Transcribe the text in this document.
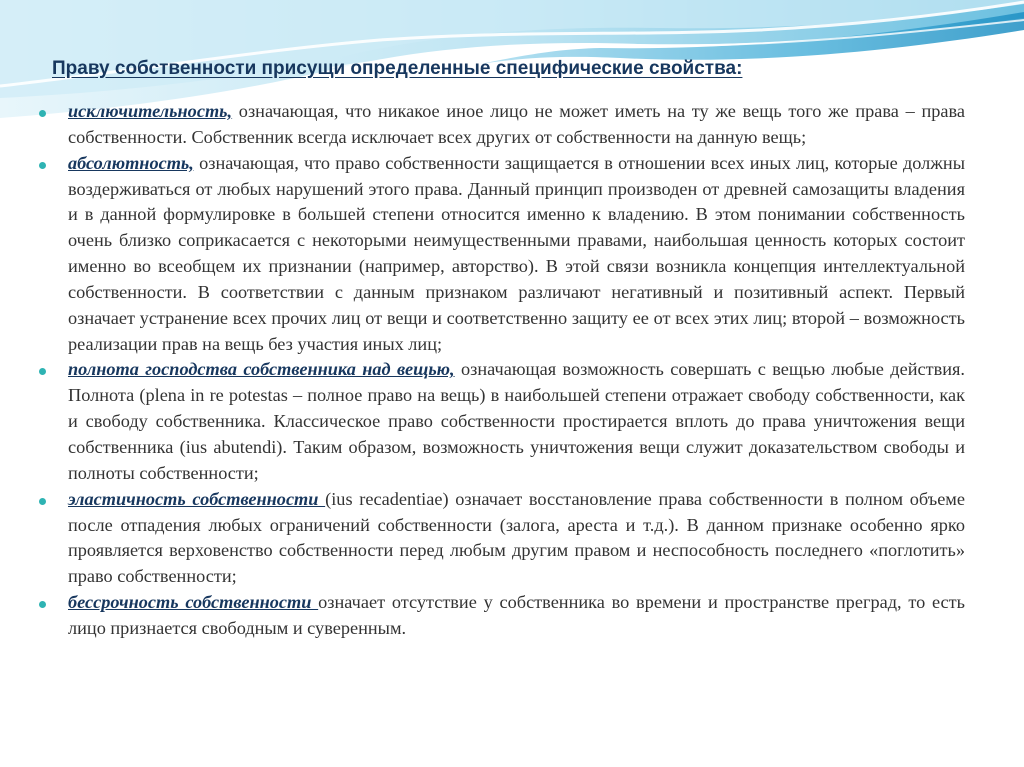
Праву собственности присущи определенные специфические свойства:
исключительность, означающая, что никакое иное лицо не может иметь на ту же вещь того же права – права собственности. Собственник всегда исключает всех других от собственности на данную вещь;
абсолютность, означающая, что право собственности защищается в отношении всех иных лиц, которые должны воздерживаться от любых нарушений этого права. Данный принцип производен от древней самозащиты владения и в данной формулировке в большей степени относится именно к владению. В этом понимании собственность очень близко соприкасается с некоторыми неимущественными правами, наибольшая ценность которых состоит именно во всеобщем их признании (например, авторство). В этой связи возникла концепция интеллектуальной собственности. В соответствии с данным признаком различают негативный и позитивный аспект. Первый означает устранение всех прочих лиц от вещи и соответственно защиту ее от всех этих лиц; второй – возможность реализации прав на вещь без участия иных лиц;
полнота господства собственника над вещью, означающая возможность совершать с вещью любые действия. Полнота (plena in re potestas – полное право на вещь) в наибольшей степени отражает свободу собственности, как и свободу собственника. Классическое право собственности простирается вплоть до права уничтожения вещи собственника (ius abutendi). Таким образом, возможность уничтожения вещи служит доказательством свободы и полноты собственности;
эластичность собственности (ius recadentiae) означает восстановление права собственности в полном объеме после отпадения любых ограничений собственности (залога, ареста и т.д.). В данном признаке особенно ярко проявляется верховенство собственности перед любым другим правом и неспособность последнего «поглотить» право собственности;
бессрочность собственности означает отсутствие у собственника во времени и пространстве преград, то есть лицо признается свободным и суверенным.
